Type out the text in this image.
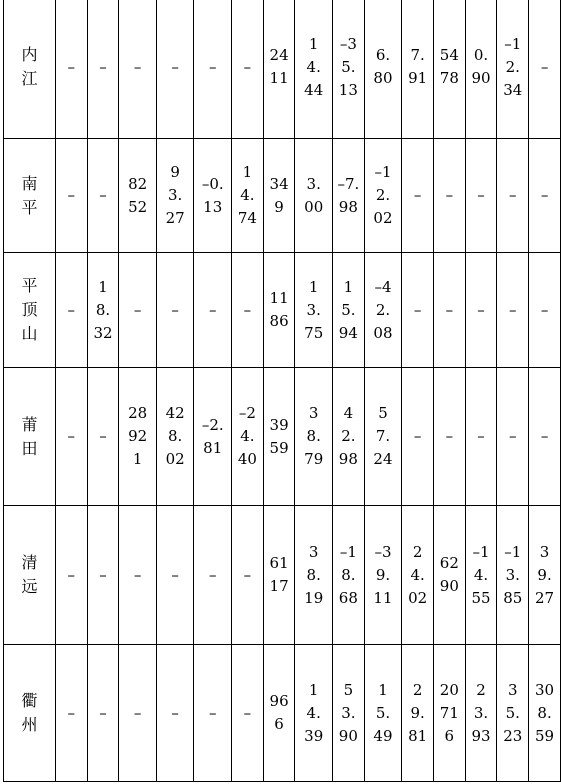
内江	–	–	–	–	–	–	2411	14.44	–35.13	6.80	7.91	5478	0.90	–12.34	–
南平	–	–	8252	93.27	–0.13	14.74	349	3.00	–7.98	–12.02	–	–	–	–	–
平顶山	–	18.32	–	–	–	–	1186	13.75	15.94	–42.08	–	–	–	–	–
莆田	–	–	28921	428.02	–2.81	–24.40	3959	38.79	42.98	57.24	–	–	–	–	–
清远	–	–	–	–	–	–	6117	38.19	–18.68	–39.11	24.02	6290	–14.55	–13.85	39.27
衢州	–	–	–	–	–	–	966	14.39	53.90	15.49	29.81	20716	23.93	35.23	308.59
